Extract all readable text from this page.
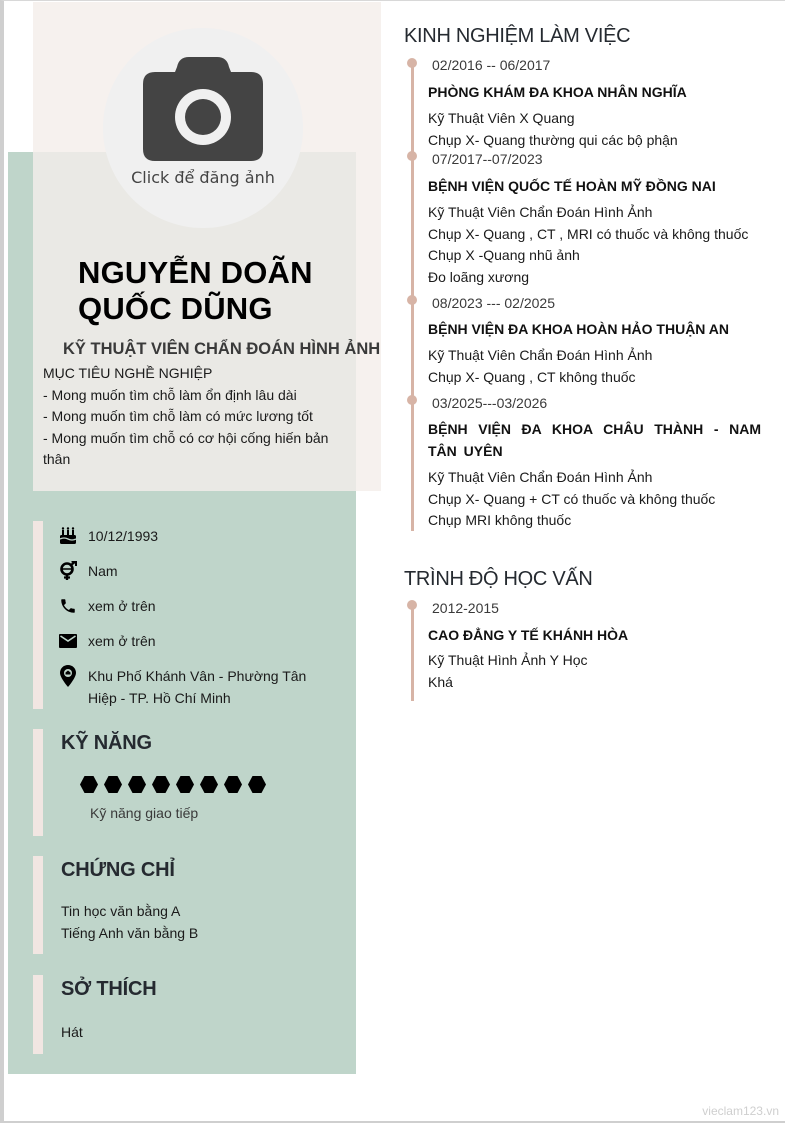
Click để đăng ảnh
NGUYỄN DOÃN
QUỐC DŨNG
KỸ THUẬT VIÊN CHẨN ĐOÁN HÌNH ẢNH
MỤC TIÊU NGHỀ NGHIỆP
- Mong muốn tìm chỗ làm ổn định lâu dài
- Mong muốn tìm chỗ làm có mức lương tốt
- Mong muốn tìm chỗ có cơ hội cống hiến bản thân
10/12/1993
Nam
xem ở trên
xem ở trên
Khu Phố Khánh Vân - Phường Tân Hiệp - TP. Hồ Chí Minh
KỸ NĂNG
Kỹ năng giao tiếp
CHỨNG CHỈ
Tin học văn bằng A
Tiếng Anh văn bằng B
SỞ THÍCH
Hát
KINH NGHIỆM LÀM VIỆC
02/2016 -- 06/2017
PHÒNG KHÁM ĐA KHOA NHÂN NGHĨA
Kỹ Thuật Viên X Quang
Chụp X- Quang thường qui các bộ phận
07/2017--07/2023
BỆNH VIỆN QUỐC TẾ HOÀN MỸ ĐỒNG NAI
Kỹ Thuật Viên Chẩn Đoán Hình Ảnh
Chụp X- Quang , CT , MRI có thuốc và không thuốc
Chụp X -Quang nhũ ảnh
Đo loãng xương
08/2023 --- 02/2025
BỆNH VIỆN ĐA KHOA HOÀN HẢO THUẬN AN
Kỹ Thuật Viên Chẩn Đoán Hình Ảnh
Chụp X- Quang , CT không thuốc
03/2025---03/2026
BỆNH VIỆN ĐA KHOA CHÂU THÀNH - NAM TÂN UYÊN
Kỹ Thuật Viên Chẩn Đoán Hình Ảnh
Chụp X- Quang + CT có thuốc và không thuốc
Chụp MRI không thuốc
TRÌNH ĐỘ HỌC VẤN
2012-2015
CAO ĐẲNG Y TẾ KHÁNH HÒA
Kỹ Thuật Hình Ảnh Y Học
Khá
vieclam123.vn
